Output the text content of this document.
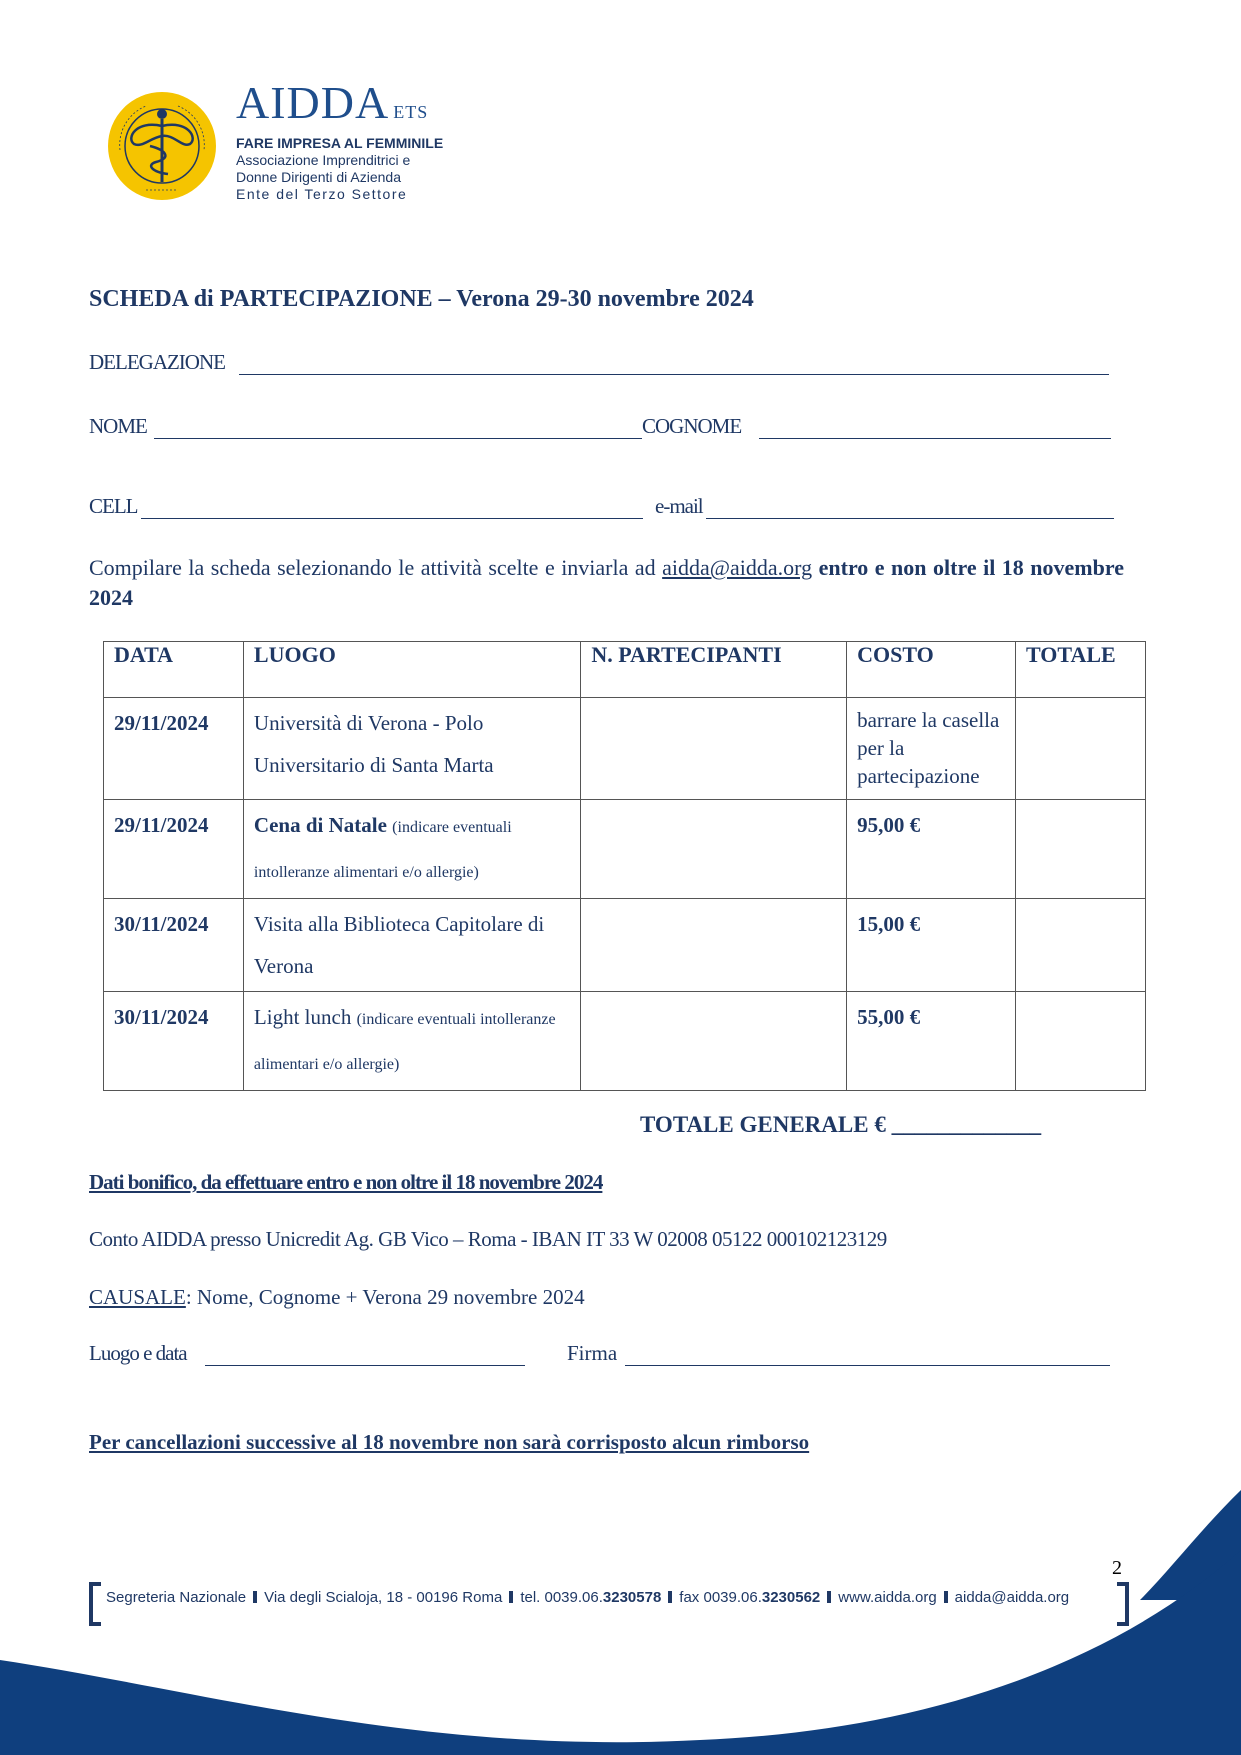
AIDDA ETS
FARE IMPRESA AL FEMMINILE
Associazione Imprenditrici e
Donne Dirigenti di Azienda
Ente del Terzo Settore
SCHEDA di PARTECIPAZIONE – Verona 29-30 novembre 2024
DELEGAZIONE
NOME	COGNOME
CELL	e-mail
Compilare la scheda selezionando le attività scelte e inviarla ad aidda@aidda.org entro e non oltre il 18 novembre 2024
DATA	LUOGO	N. PARTECIPANTI	COSTO	TOTALE
29/11/2024	Università di Verona - Polo Universitario di Santa Marta		barrare la casella per la partecipazione	
29/11/2024	Cena di Natale (indicare eventuali intolleranze alimentari e/o allergie)		95,00 €	
30/11/2024	Visita alla Biblioteca Capitolare di Verona		15,00 €	
30/11/2024	Light lunch (indicare eventuali intolleranze alimentari e/o allergie)		55,00 €	
TOTALE GENERALE € _____________
Dati bonifico, da effettuare entro e non oltre il 18 novembre 2024
Conto AIDDA presso Unicredit Ag. GB Vico – Roma - IBAN IT 33 W 02008 05122 000102123129
CAUSALE: Nome, Cognome + Verona 29 novembre 2024
Luogo e data	Firma
Per cancellazioni successive al 18 novembre non sarà corrisposto alcun rimborso
2
Segreteria Nazionale Via degli Scialoja, 18 - 00196 Roma tel. 0039.06.3230578 fax 0039.06.3230562 www.aidda.org aidda@aidda.org
